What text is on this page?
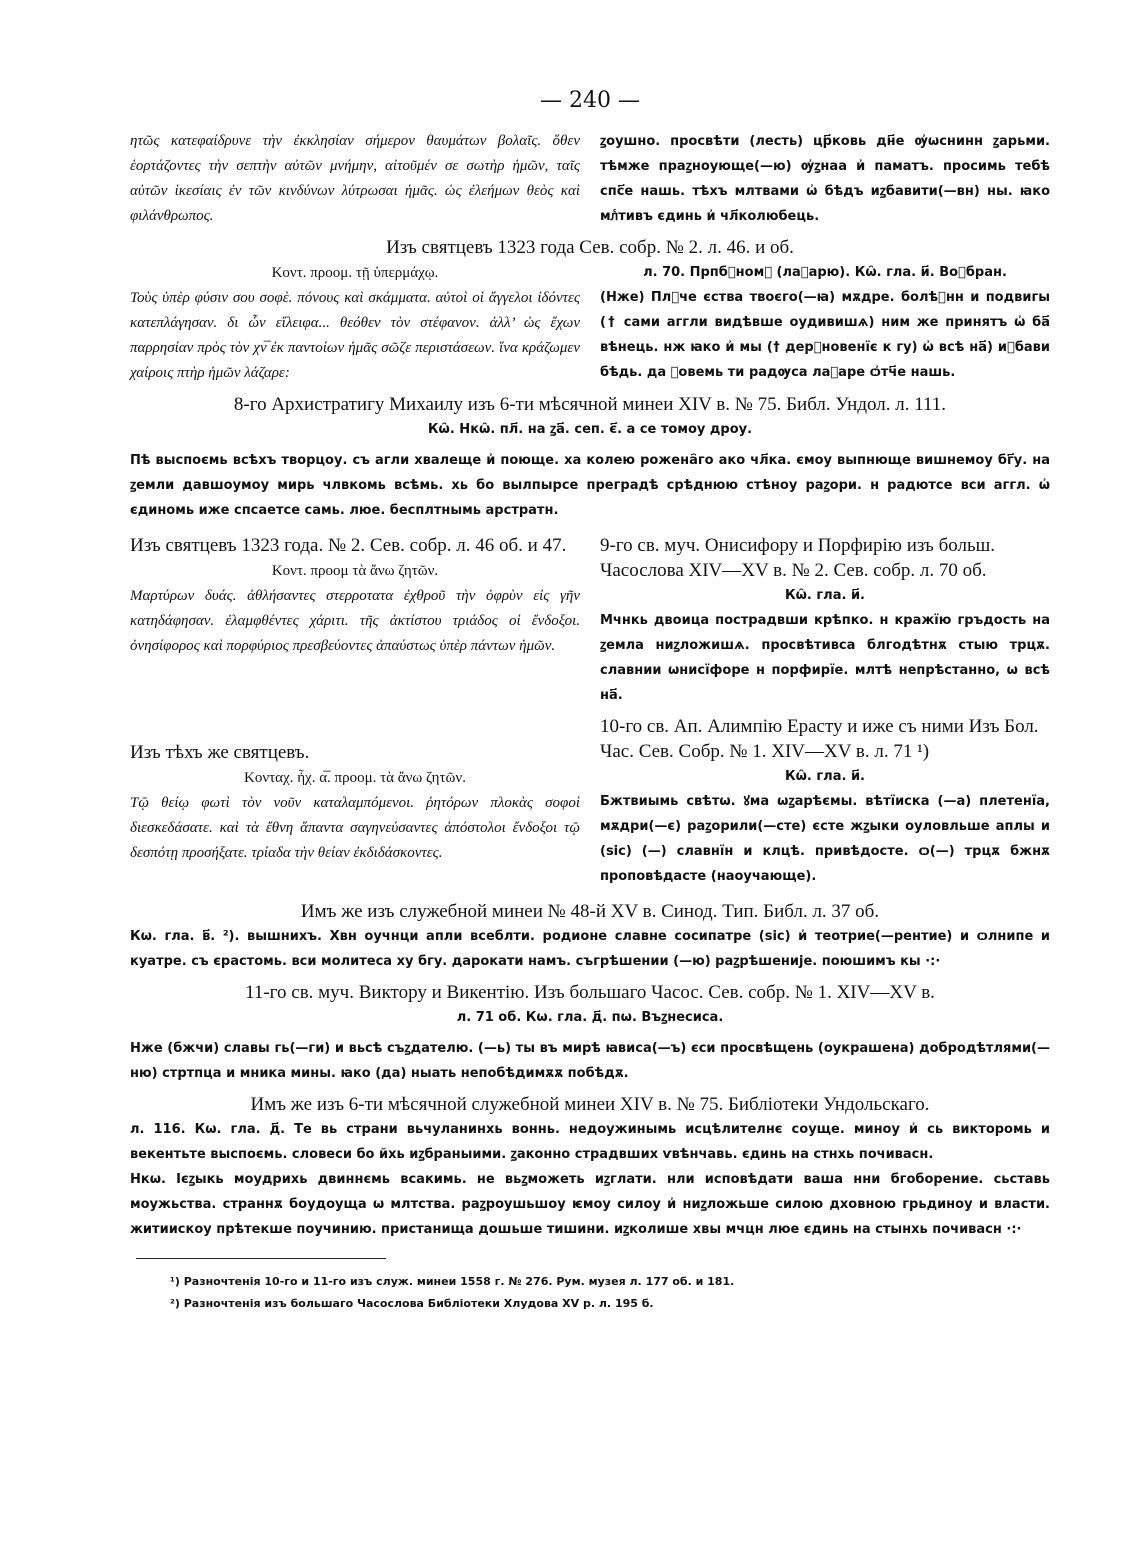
— 240 —
ητῶς κατεφαίδρυνε τὴν ἐκκλησίαν σήμερον θαυμάτων βολαῖς. ὅθεν ἑορτάζοντες τὴν σεπτὴν αὐτῶν μνήμην, αἰτοῦμέν σε σωτὴρ ἡμῶν, ταῖς αὐτῶν ἱκεσίαις ἐν τῶν κινδύνων λύτρωσαι ἡμᾶς. ὡς ἐλεήμων θεὸς καὶ φιλάνθρωπος.
ꙁоушно. просвѣти (лесть) цр҃ковь дн҃е ѹ҆ѡснинн ꙁарьми. тѣмже праꙁноующе(—ю) ѹ҆ꙁнаа и҆ паматъ. просимь тебѣ спс҃е нашь. тѣхъ млтвами ѡ҆ бѣдъ иꙁбавити(—вн) ны. ꙗко млⷭтивъ єдинь и҆ чл҃колюбець.
Изъ святцевъ 1323 года Сев. собр. № 2. л. 46. и об.
Κοντ. προομ. τῇ ὑπερμάχῳ.
Τοὺς ὑπὲρ φύσιν σου σοφὲ. πόνους καὶ σκάμματα. αὐτοὶ οἱ ἄγγελοι ἰδόντες κατεπλάγησαν. δι ὧν εἴλειφα... θεόθεν τὸν στέφανον. ἀλλ’ ὡς ἔχων παρρησίαν πρὸς τὸν χν̅ ἐκ παντοίων ἡμᾶς σῶζε περιστάσεων. ἵνα κράζωμεν χαίροις πτὴρ ἡμῶν λάζαρε:
л. 70. Прпбⷣномꙋ (лаꙁарю). Кѡ̑. гла. и҃. Воꙁбран.
(Нже) Плⷮче єства твоєго(—ꙗ) мѫдре. болѣꙁнн и подвигы († сами аггли видѣвше оудивишѧ) ним же принятъ ѡ҆ ба҃ вѣнець. нж ꙗко и҆ мы († дерꙁновенїє к гу) ѡ҆ всѣ на҃) иꙁбави бѣдь. да ꙁовемь ти радѹса лаꙁаре ѻ҆тч҃е нашь.
8-го Архистратигу Михаилу изъ 6-ти мѣсячной минеи XIV в. № 75. Библ. Ундол. л. 111.
Кѡ̑. Нкѡ̑. пл҃. на ꙁа҃. сеп. є҃. а се томоу дроу.
Пѣ выспоємь всѣхъ творцоу. съ агли хвалеще и҆ поюще. ха колею рожена҄го ако чл҃ка. ємоу выпнюще вишнемоу бг҃у. на ꙁемли давшоумоу мирь члвкомь всѣмь. хь бо вылпырсе преградѣ срѣднюю стѣноу раꙁори. н радютсе вси аггл. ѡ҆ єдиномь иже спсаетсе самь. люе. бесплтнымь арстратн.
Изъ святцевъ 1323 года. № 2. Сев. собр. л. 46 об. и 47.
Κοντ. προομ τὰ ἄνω ζητῶν.
Μαρτύρων δυάς. ἀθλήσαντες στερροτατα ἐχθροῦ τὴν ὀφρὺν εἰς γῆν κατηδάφησαν. ἐλαμφθέντες χάριτι. τῆς ἀκτίστου τριάδος οἱ ἔνδοξοι. ὀνησίφορος καὶ πορφύριος πρεσβεύοντες ἀπαύστως ὑπὲρ πάντων ἡμῶν.
9-го св. муч. Онисифору и Порфирію изъ больш. Часослова XIV—XV в. № 2. Сев. собр. л. 70 об.
Кѡ̑. гла. и҃.
Мчнкь двоица пострадвши крѣпко. н кражїю гръдость на ꙁемла ниꙁложишѧ. просвѣтивса блгодѣтнѫ стыю трцѫ. славнии ѡнисїфоре н порфирїе. млтѣ непрѣстанно, ѡ всѣ на҃.
Изъ тѣхъ же святцевъ.
Κονταχ. ἦχ. α̅. προομ. τὰ ἄνω ζητῶν.
Τῷ θείῳ φωτὶ τὸν νοῦν καταλαμπόμενοι. ῥητόρων πλοκὰς σοφοὶ διεσκεδάσατε. καὶ τὰ ἔθνη ἅπαντα σαγηνεύσαντες ἀπόστολοι ἔνδοξοι τῷ δεσπότῃ προσήξατε. τρίαδα τὴν θείαν ἐκδιδάσκοντες.
10-го св. Ап. Алимпію Ерасту и иже съ ними Изъ Бол. Час. Сев. Собр. № 1. XIV—XV в. л. 71 ¹)
Кѡ̑. гла. и҃.
Бжтвиымь свѣтѡ. ꙋма ѡꙁарѣємы. вѣтїиска (—а) плетенїа, мѫдри(—є) раꙁорили(—сте) єсте жꙁыки оуловльше аплы и (sic) (—) славнїн и клцѣ. привѣдосте. ѻ(—) трцѫ бжнѫ проповѣдасте (наоучающе).
Имъ же изъ служебной минеи № 48-й XV в. Синод. Тип. Библ. л. 37 об.
Кѡ. гла. в҃. ²). вышнихъ. Хвн оучнци апли всеблти. родионе славне сосипатре (sic) и҆ теотрие(—рентие) и ѻлнипе и куатре. съ єрастомь. вси молитеса ху бгу. дарокати намъ. съгрѣшении (—ю) раꙁрѣшеније. поюшимъ кы ·:·
11-го св. муч. Виктору и Викентію. Изъ большаго Часос. Сев. собр. № 1. XIV—XV в.
л. 71 об. Кѡ. гла. д҃. пѡ. Въꙁнесиса.
Нже (бжчи) славы гь(—ги) и вьсѣ съꙁдателю. (—ь) ты въ мирѣ ꙗвиса(—ъ) єси просвѣщень (оукрашена) добродѣтлями(—ню) стртпца и мника мины. ꙗко (да) ныать непобѣдимѫѫ побѣдѫ.
Имъ же изъ 6-ти мѣсячной служебной минеи XIV в. № 75. Библіотеки Ундольскаго.
л. 116. Кѡ. гла. д҃. Те вь страни вьчуланинхь воннь. недоужинымь исцѣлителнє соуще. миноу и҆ сь викторомь и векентьте выспоємь. словеси бо йхь иꙁбраныими. ꙁаконно страдвших ѵвѣнчавь. єдинь на стнхь почивасн.
Нкѡ. Ієꙁыкь моудрихь двиннємь всакимь. не вьꙁможеть иꙁглати. нли исповѣдати ваша нни бгоборение. сьставь моужьства. страннѫ боудоуща ѡ млтства. раꙁроушьшоу ѥмоу силоу и҆ ниꙁложьше силою дховною грьдиноу и власти. житиискоу прѣтекше поучинию. пристанища дошьше тишини. иꙁколише хвы мчцн люе єдинь на стынхь почивасн ·:·
¹) Разночтенія 10-го и 11-го изъ служ. минеи 1558 г. № 276. Рум. музея л. 177 об. и 181.
²) Разночтенія изъ большаго Часослова Библіотеки Хлудова XV р. л. 195 б.
